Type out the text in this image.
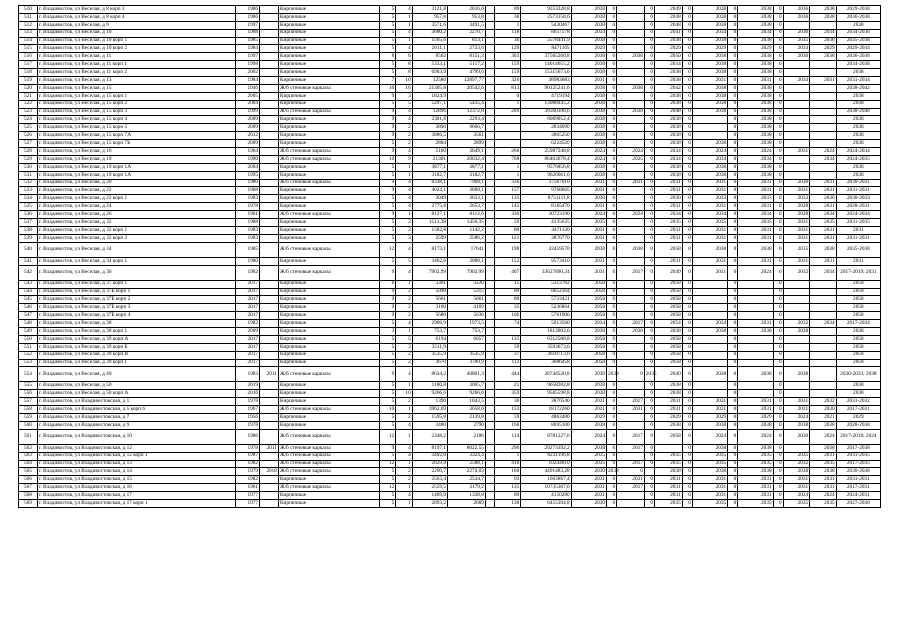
510	г. Владивосток, ул Веселая, д 8 корп 3	1986		Кирпичные	5	4	3121,8	2816,6		89	9353228,8	2038	0		0	2049	0	2038	0	2038	0	2036	2038	2029-2038
511	г. Владивосток, ул Веселая, д 8 корп 4	1986		Кирпичные	5	1	957,8	953,8		36	2573158,6	2038	0		0	2038	0	2038	0	2038	0	2036	2038	2036-2038
512	г. Владивосток, ул Веселая, д 9	1997		Кирпичные	5	1	3571,6	3491,5		1	5430467	2038	0		0	2048	0	2038	0	2038	0			2038
513	г. Владивосток, ул Веселая, д 10	1988		Кирпичные	5	4	3680,2	2270,7		118	8657578	2034	0		0	2041	0	2034	0	2034	0	2036	2034	2034-2036
514	г. Владивосток, ул Веселая, д 10 корп 1	1985		Кирпичные	5	1	1565,6	813,1		36	2578441,9	2038	0		0	2038	0	2038	0	2038	0	2035	2038	2035-2038
515	г. Владивосток, ул Веселая, д 10 корп 2	1984		Кирпичные	5	4	2611,1	2723,6		129	8471105	2029	0		0	2029	0	2029	0	2029	0	2034	2029	2029-2034
516	г. Владивосток, ул Веселая, д 11	1997		Кирпичные	8	6	8562	8151,3		303	37565260,8	2038	0	2038	0	2050	0	2038	0	2038	0	2036	2038	2036-2038
517	г. Владивосток, ул Веселая, д 11 корп 1	1998		Кирпичные	5	8	5333,1	5117,2		159	14014655,2	2038	0		0	2034	0	2038	0	2038	0			2034-2038
518	г. Владивосток, ул Веселая, д 11 корп 2	2002		Кирпичные	5	8	6903,9	4799,6		159	15315673,6	2038	0		0	2038	0	2038	0	2038	0			2038
519	г. Владивосток, ул Веселая, д 13	1984		Кирпичные	7	10	12580	12897,77		326	38983683	2031	0		0	2038	0	2031	0	2031	0	2034	2031	2031-2034
520	г. Владивосток, ул Веселая, д 15	1946		Ж/б стеновые каркасы	10	16	21305,8	20542,6		813	90125241,6	2038	0	2038	0	2042	0	2038	0	2038	0			2038-2042
521	г. Владивосток, ул Веселая, д 15 корп 1	2005		Кирпичные	9	3	1824,9			0	4719194	2038	0		0	2038	0	2038	0	2038	0			2038
522	г. Владивосток, ул Веселая, д 15 корп 2	2004		Кирпичные	5	5	5297,1	5435,4		1	13088445,2	2038	0		0	2038	0	2038	0	2038	0			2038
523	г. Владивосток, ул Веселая, д 15 корп 3	1999		Ж/б стеновые каркасы	9	4	12896	12372,8		209	39560398,6	2038	0	2038	0	2048	0	2038	0	2038	0			2038-2048
524	г. Владивосток, ул Веселая, д 15 корп 4	2009		Кирпичные	9	4	2381,8	2293,4			6069052,4	2038	0		0	2038	0		0	2038	0			2038
525	г. Владивосток, ул Веселая, д 15 корп 5	2009		Кирпичные	9	2	3800	9666,7			2834690	2038	0		0	2038	0		0	2038	0			2038
526	г. Владивосток, ул Веселая, д 15 корп 7А	2012		Кирпичные	9	2	3886,5	3561			3865250	2038	0		0	2038	0		0	2038	0			2038
527	г. Владивосток, ул Веселая, д 15 корп 7Б	2009		Кирпичные	5	2	2884	2899			6224520	2038	0		0	2038	0	2038	0	2038	0			2038
528	г. Владивосток, ул Веселая, д 16	1964		Ж/б стеновые каркасы	9	4	5100	3649,1		266	25987248,8	2024	0	2024	0	2034	0	2024	0	2024	0	2031	2024	2024-2034
529	г. Владивосток, ул Веселая, д 19	1990		Ж/б стеновые каркасы	10	9	21301	20032,4		768	86403678,4	2024	0	2025	0	2034	0	2034	0	2034	0		2034	2024-2035
530	г. Владивосток, ул Веселая, д 19 корп 1А	2004		Кирпичные	5	1	3877,1	3877,1		1	9576856,8	2038	0		0	2038	0	2038	0	2038	0			2038
531	г. Владивосток, ул Веселая, д 19 корп 1А	1995		Кирпичные	5	1	3182,7	3182,7		1	9626661,6	2038	0		0	2038	0	2038	0	2038	0			2038
532	г. Владивосток, ул Веселая, д 20	1980		Ж/б стеновые каркасы	9	4	8338,1	7968,1		336	37587010	2031	0	2031	0	2031	0	2031	0	2031	0	2030	2031	2030-2031
533	г. Владивосток, ул Веселая, д 22	1968		Кирпичные	9	4	4024,1	3608,1		157	9768605	2031	0		0	2031	0	2031	0	2031	0	2031	2031	2031-2031
534	г. Владивосток, ул Веселая, д 22 корп 1	1983		Кирпичные	5	4	3049	3633,1		135	8751111,8	2030	0		0	2030	0	2033	0	2033	0	2033	2030	2030-2033
535	г. Владивосток, ул Веселая, д 24	1978		Кирпичные	5	4	2775,8	2653,7		145	8185470	2031	0		0	2031	0	2031	0	2031	0	2028	2031	2028-2031
536	г. Владивосток, ул Веселая, д 26	1961		Ж/б стеновые каркасы	9	1	8127,1	8112,6		330	30723190	2024	0	2024	0	2034	0	2034	0	2034	0	2028	2034	2024-2034
537	г. Владивосток, ул Веселая, д 32	1988		Кирпичные	5	2	1513,38	1456,35		59	4135635	2035	0		0	2035	0	2035	0	2035	0	2031	2035	2031-2035
538	г. Владивосток, ул Веселая, д 32 корп 1	1983		Кирпичные	5	2	1582,8	1142,2		80	4471120	2031	0		0	2031	0	2031	0	2031	0	2031	2031	2031
539	г. Владивосток, ул Веселая, д 32 корп 2	1983		Кирпичные	5	3	2599	2586,2		121	3876770	2031	0		0	2031	0	2031	0	2031	0	2031	2031	2031-2031
540	г. Владивосток, ул Веселая, д 34	1985		Ж/б стеновые каркасы	12	4	8173,1	17641		198	43459570	2038	0	2038	0	2058	0	2038	0	2038	0	2035	2038	2035-2038
541	г. Владивосток, ул Веселая, д 34 корп 1	1980		Кирпичные	5	5	3462,6	3088,1		152	9573410	2031	0		0	2031	0	2031	0	2031	0	2031	2031	2031
542	г. Владивосток, ул Веселая, д 36	1982		Ж/б стеновые каркасы	9	4	7902,99	7902,99		407	33627890,24	2031	0	2017	0	2049	0	2031	0	2024	0	2032	2034	2017-2019; 2031
543	г. Владивосток, ул Веселая, д 37 корп 1	2017		Кирпичные	6	1	3301	3226		15	5313782	2058	0		0	2058	0		0		0			2058
544	г. Владивосток, ул Веселая, д 37Б корп 1	2017		Кирпичные	9	2	5090	5315		89	8652164	2058	0		0	2058	0		0		0			2058
545	г. Владивосток, ул Веселая, д 37Б корп 2	2017		Кирпичные	9	2	5661	5661		80	5733421	2058	0		0	2058	0		0		0			2058
546	г. Владивосток, ул Веселая, д 37Б корп 3	2017		Кирпичные	9	2	3100	4169		35	5236864	2058	0		0	2058	0		0		0			2058
547	г. Владивосток, ул Веселая, д 37Б корп 4	2017		Кирпичные	9	2	5680	5636		106	5761906	2058	0		0	2058	0		0		0			2058
548	г. Владивосток, ул Веселая, д 38	1982		Кирпичные	5	4	2966,9	1973,5		74	5013560	2034	0	2017	0	2054	0	2034	0	2031	0	2032	2034	2017-2034
549	г. Владивосток, ул Веселая, д 38 корп 1	2009		Кирпичные	3	1	753,7	753,7			1813002,6	2038	0	2038	0	2038	0	2038	0	2038	0	2038		2038
550	г. Владивосток, ул Веселая, д 39 корп А	2017		Кирпичные	5	5	6194	6057		135	6312588,8	2058	0		0	2058	0		0		0			2058
551	г. Владивосток, ул Веселая, д 39 корп Б	2017		Кирпичные	5	3	3511,9			59	3593673,6	2058	0		0	2058	0		0		0			2058
552	г. Владивосток, ул Веселая, д 39 корп В	2017		Кирпичные	5	2	3535,9	3535,9		37	3618713,6	2058	0		0	2058	0		0		0			2058
553	г. Владивосток, ул Веселая, д 39 корп Г	2017		Кирпичные	5	2	3670	3789,9		112	3686458	2058	0		0	2058	0		0		0			2058
554	г. Владивосток, ул Веселая, д 40	1983	2011	Ж/б стеновые каркасы	9	4	8634,2	40801,3		444	28744520,8	2030	2038	0	2035	2040	0	2038	0	2038	0	2038		2030-2033; 2038
555	г. Владивосток, ул Веселая, д 50	2019		Кирпичные	5	1	1180,8	3065,7		21	9658282,8	2038	0		0	2038	0		0		0			2038
556	г. Владивосток, ул Веселая, д 50 корп А	2016		Кирпичные	5	10	9266,6	9266,6		359	9585598,8	2038	0		0	2038	0		0		0			2038
557	г. Владивосток, ул Владивостокская, д 1	1978		Кирпичные	5	2	1390	1043,5		36	3876540	2031	0	2017	0	2031	0	2031	0	2031	0	2031	2032	2031-2032
558	г. Владивосток, ул Владивостокская, д 5 корп 6	1967		Ж/б стеновые каркасы	10	1	3962,69	3058,6		153	18172260	2031	0	2031	0	2031	0	2031	0	2031	0	2031	2030	2017-2031
559	г. Владивосток, ул Владивостокская, д 7	1956		Кирпичные	5	2	1595,8	2139,8		59	4863480	2029	0		0	2029	0	2029	0	2029	0	2024	2021	2029
560	г. Владивосток, ул Владивостокская, д 9	1978		Кирпичные	5	4	3480	2790		168	8695100	2038	0		0	2038	0	2038	0	2038	0	2038	2038	2028-2038
561	г. Владивосток, ул Владивостокская, д 10	1986		Ж/б стеновые каркасы	12	1	2348,2	2186		114	8781227,6	2024	0	2017	0	2058	0	2024	0	2024	0	2030	2024	2017-2018; 2024
562	г. Владивосток, ул Владивостокская, д 12	1978	2011	Ж/б стеновые каркасы	9	4	8197,1	8022,55		296	29273392,2	2038	0	2017	0		0	2038	0	2038	0		2038	2017-2038
563	г. Владивосток, ул Владивостокская, д 12 корп 1	1987		Ж/б стеновые каркасы	5	4	3492,8	3324,4		1	8231196,8	2035	0		0	2035	0	2035	0	2035	0	2035	2031	2031-2035
564	г. Владивосток, ул Владивостокская, д 13	1982		Ж/б стеновые каркасы	12	1	2829,8	2588,1		418	10244810	2035	0	2017	0	2035	0	2035	0	2035	0	2032	2035	2017-2035
565	г. Владивосток, ул Владивостокская, д 14	1979	2018	Ж/б стеновые каркасы	5	2	2290,7	2274,03		160	4491483,28	2030	2038	0		2038	0	2038	0	2038	0	2038	2038	2030-2038
566	г. Владивосток, ул Владивостокская, д 15	1982		Кирпичные	5	2	2563,4	2534,7		93	1603867,4	2031	0	2031	0	2031	0	2031	0	2031	0	2031	2031	2031-2031
567	г. Владивосток, ул Владивостокская, д 16	1961		Ж/б стеновые каркасы	12	1	2559,5	3179,2		135	10735367,6	2031	0	2017	0	2031	0	2031	0	2031	0	2031	2031	2017-2031
568	г. Владивосток, ул Владивостокская, д 17	1977		Кирпичные	5	4	1469,8	1338,8		89	4150280	2031	0		0	2031	0	2031	0	2031	0	2024	2024	2024-2031
569	г. Владивосток, ул Владивостокская, д 17 корп 1	1977		Кирпичные	5	1	2893,2	2689		138	6455394,8	2030	0		0	2035	0	2035	0	2035	0	2035	2035	2027-2030
